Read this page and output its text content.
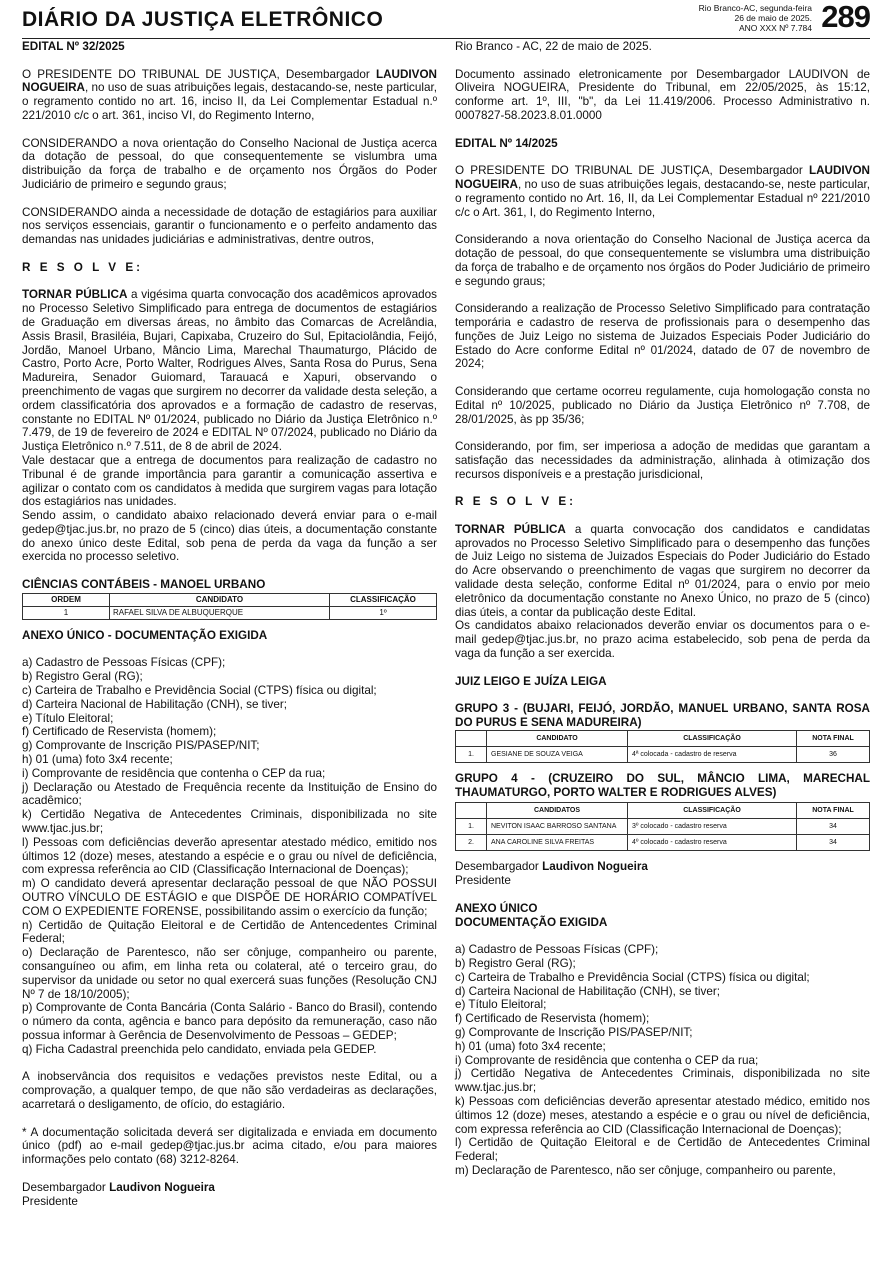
DIÁRIO DA JUSTIÇA ELETRÔNICO	Rio Branco-AC, segunda-feira
26 de maio de 2025.
ANO XXX Nº 7.784 289

EDITAL Nº 32/2025

O PRESIDENTE DO TRIBUNAL DE JUSTIÇA, Desembargador LAUDIVON NOGUEIRA, no uso de suas atribuições legais, destacando-se, neste particular, o regramento contido no art. 16, inciso II, da Lei Complementar Estadual n.º 221/2010 c/c o art. 361, inciso VI, do Regimento Interno,

CONSIDERANDO a nova orientação do Conselho Nacional de Justiça acerca da dotação de pessoal, do que consequentemente se vislumbra uma distribuição da força de trabalho e de orçamento nos Órgãos do Poder Judiciário de primeiro e segundo graus;

CONSIDERANDO ainda a necessidade de dotação de estagiários para auxiliar nos serviços essenciais, garantir o funcionamento e o perfeito andamento das demandas nas unidades judiciárias e administrativas, dentre outros,

R E S O L V E:

TORNAR PÚBLICA a vigésima quarta convocação dos acadêmicos aprovados no Processo Seletivo Simplificado para entrega de documentos de estagiários de Graduação em diversas áreas, no âmbito das Comarcas de Acrelândia, Assis Brasil, Brasiléia, Bujari, Capixaba, Cruzeiro do Sul, Epitaciolândia, Feijó, Jordão, Manoel Urbano, Mâncio Lima, Marechal Thaumaturgo, Plácido de Castro, Porto Acre, Porto Walter, Rodrigues Alves, Santa Rosa do Purus, Sena Madureira, Senador Guiomard, Tarauacá e Xapuri, observando o preenchimento de vagas que surgirem no decorrer da validade desta seleção, a ordem classificatória dos aprovados e a formação de cadastro de reservas, constante no EDITAL Nº 01/2024, publicado no Diário da Justiça Eletrônico n.º 7.479, de 19 de fevereiro de 2024 e EDITAL Nº 07/2024, publicado no Diário da Justiça Eletrônico n.º 7.511, de 8 de abril de 2024.

Vale destacar que a entrega de documentos para realização de cadastro no Tribunal é de grande importância para garantir a comunicação assertiva e agilizar o contato com os candidatos à medida que surgirem vagas para lotação dos estagiários nas unidades.

Sendo assim, o candidato abaixo relacionado deverá enviar para o e-mail gedep@tjac.jus.br, no prazo de 5 (cinco) dias úteis, a documentação constante do anexo único deste Edital, sob pena de perda da vaga da função a ser exercida no processo seletivo.

CIÊNCIAS CONTÁBEIS - MANOEL URBANO

ORDEM	CANDIDATO	CLASSIFICAÇÃO
1	RAFAEL SILVA DE ALBUQUERQUE	1º

ANEXO ÚNICO - DOCUMENTAÇÃO EXIGIDA

a) Cadastro de Pessoas Físicas (CPF);

b) Registro Geral (RG);

c) Carteira de Trabalho e Previdência Social (CTPS) física ou digital;

d) Carteira Nacional de Habilitação (CNH), se tiver;

e) Título Eleitoral;

f) Certificado de Reservista (homem);

g) Comprovante de Inscrição PIS/PASEP/NIT;

h) 01 (uma) foto 3x4 recente;

i) Comprovante de residência que contenha o CEP da rua;

j) Declaração ou Atestado de Frequência recente da Instituição de Ensino do acadêmico;

k) Certidão Negativa de Antecedentes Criminais, disponibilizada no site www.tjac.jus.br;

l) Pessoas com deficiências deverão apresentar atestado médico, emitido nos últimos 12 (doze) meses, atestando a espécie e o grau ou nível de deficiência, com expressa referência ao CID (Classificação Internacional de Doenças);

m) O candidato deverá apresentar declaração pessoal de que NÃO POSSUI OUTRO VÍNCULO DE ESTÁGIO e que DISPÕE DE HORÁRIO COMPATÍVEL COM O EXPEDIENTE FORENSE, possibilitando assim o exercício da função;

n) Certidão de Quitação Eleitoral e de Certidão de Antencedentes Criminal Federal;

o) Declaração de Parentesco, não ser cônjuge, companheiro ou parente, consanguíneo ou afim, em linha reta ou colateral, até o terceiro grau, do supervisor da unidade ou setor no qual exercerá suas funções (Resolução CNJ Nº 7 de 18/10/2005);

p) Comprovante de Conta Bancária (Conta Salário - Banco do Brasil), contendo o número da conta, agência e banco para depósito da remuneração, caso não possua informar à Gerência de Desenvolvimento de Pessoas – GEDEP;

q) Ficha Cadastral preenchida pelo candidato, enviada pela GEDEP.

A inobservância dos requisitos e vedações previstos neste Edital, ou a comprovação, a qualquer tempo, de que não são verdadeiras as declarações, acarretará o desligamento, de ofício, do estagiário.

* A documentação solicitada deverá ser digitalizada e enviada em documento único (pdf) ao e-mail gedep@tjac.jus.br acima citado, e/ou para maiores informações pelo contato (68) 3212-8264.

Desembargador Laudivon Nogueira

Presidente

Rio Branco - AC, 22 de maio de 2025.

Documento assinado eletronicamente por Desembargador LAUDIVON de Oliveira NOGUEIRA, Presidente do Tribunal, em 22/05/2025, às 15:12, conforme art. 1º, III, "b", da Lei 11.419/2006. Processo Administrativo n. 0007827-58.2023.8.01.0000

EDITAL Nº 14/2025

O PRESIDENTE DO TRIBUNAL DE JUSTIÇA, Desembargador LAUDIVON NOGUEIRA, no uso de suas atribuições legais, destacando-se, neste particular, o regramento contido no Art. 16, II, da Lei Complementar Estadual nº 221/2010 c/c o Art. 361, I, do Regimento Interno,

Considerando a nova orientação do Conselho Nacional de Justiça acerca da dotação de pessoal, do que consequentemente se vislumbra uma distribuição da força de trabalho e de orçamento nos órgãos do Poder Judiciário de primeiro e segundo graus;

Considerando a realização de Processo Seletivo Simplificado para contratação temporária e cadastro de reserva de profissionais para o desempenho das funções de Juiz Leigo no sistema de Juizados Especiais Poder Judiciário do Estado do Acre conforme Edital nº 01/2024, datado de 07 de novembro de 2024;

Considerando que certame ocorreu regulamente, cuja homologação consta no Edital nº 10/2025, publicado no Diário da Justiça Eletrônico nº 7.708, de 28/01/2025, às pp 35/36;

Considerando, por fim, ser imperiosa a adoção de medidas que garantam a satisfação das necessidades da administração, alinhada à otimização dos recursos disponíveis e a prestação jurisdicional,

R E S O L V E:

TORNAR PÚBLICA a quarta convocação dos candidatos e candidatas aprovados no Processo Seletivo Simplificado para o desempenho das funções de Juiz Leigo no sistema de Juizados Especiais do Poder Judiciário do Estado do Acre observando o preenchimento de vagas que surgirem no decorrer da validade desta seleção, conforme Edital nº 01/2024, para o envio por meio eletrônico da documentação constante no Anexo Único, no prazo de 5 (cinco) dias úteis, a contar da publicação deste Edital.

Os candidatos abaixo relacionados deverão enviar os documentos para o e-mail gedep@tjac.jus.br, no prazo acima estabelecido, sob pena de perda da vaga da função a ser exercida.

JUIZ LEIGO E JUÍZA LEIGA

GRUPO 3 - (BUJARI, FEIJÓ, JORDÃO, MANUEL URBANO, SANTA ROSA DO PURUS E SENA MADUREIRA)

	CANDIDATO	CLASSIFICAÇÃO	NOTA FINAL
1.	GESIANE DE SOUZA VEIGA	4ª colocada - cadastro de reserva	36

GRUPO 4 - (CRUZEIRO DO SUL, MÂNCIO LIMA, MARECHAL THAUMATURGO, PORTO WALTER E RODRIGUES ALVES)

	CANDIDATOS	CLASSIFICAÇÃO	NOTA FINAL
1.	NEVITON ISAAC BARROSO SANTANA	3º colocado - cadastro reserva	34
2.	ANA CAROLINE SILVA FREITAS	4º colocado - cadastro reserva	34

Desembargador Laudivon Nogueira

Presidente

ANEXO ÚNICO

DOCUMENTAÇÃO EXIGIDA

a) Cadastro de Pessoas Físicas (CPF);

b) Registro Geral (RG);

c) Carteira de Trabalho e Previdência Social (CTPS) física ou digital;

d) Carteira Nacional de Habilitação (CNH), se tiver;

e) Título Eleitoral;

f) Certificado de Reservista (homem);

g) Comprovante de Inscrição PIS/PASEP/NIT;

h) 01 (uma) foto 3x4 recente;

i) Comprovante de residência que contenha o CEP da rua;

j) Certidão Negativa de Antecedentes Criminais, disponibilizada no site www.tjac.jus.br;

k) Pessoas com deficiências deverão apresentar atestado médico, emitido nos últimos 12 (doze) meses, atestando a espécie e o grau ou nível de deficiência, com expressa referência ao CID (Classificação Internacional de Doenças);

l) Certidão de Quitação Eleitoral e de Certidão de Antecedentes Criminal Federal;

m) Declaração de Parentesco, não ser cônjuge, companheiro ou parente,
